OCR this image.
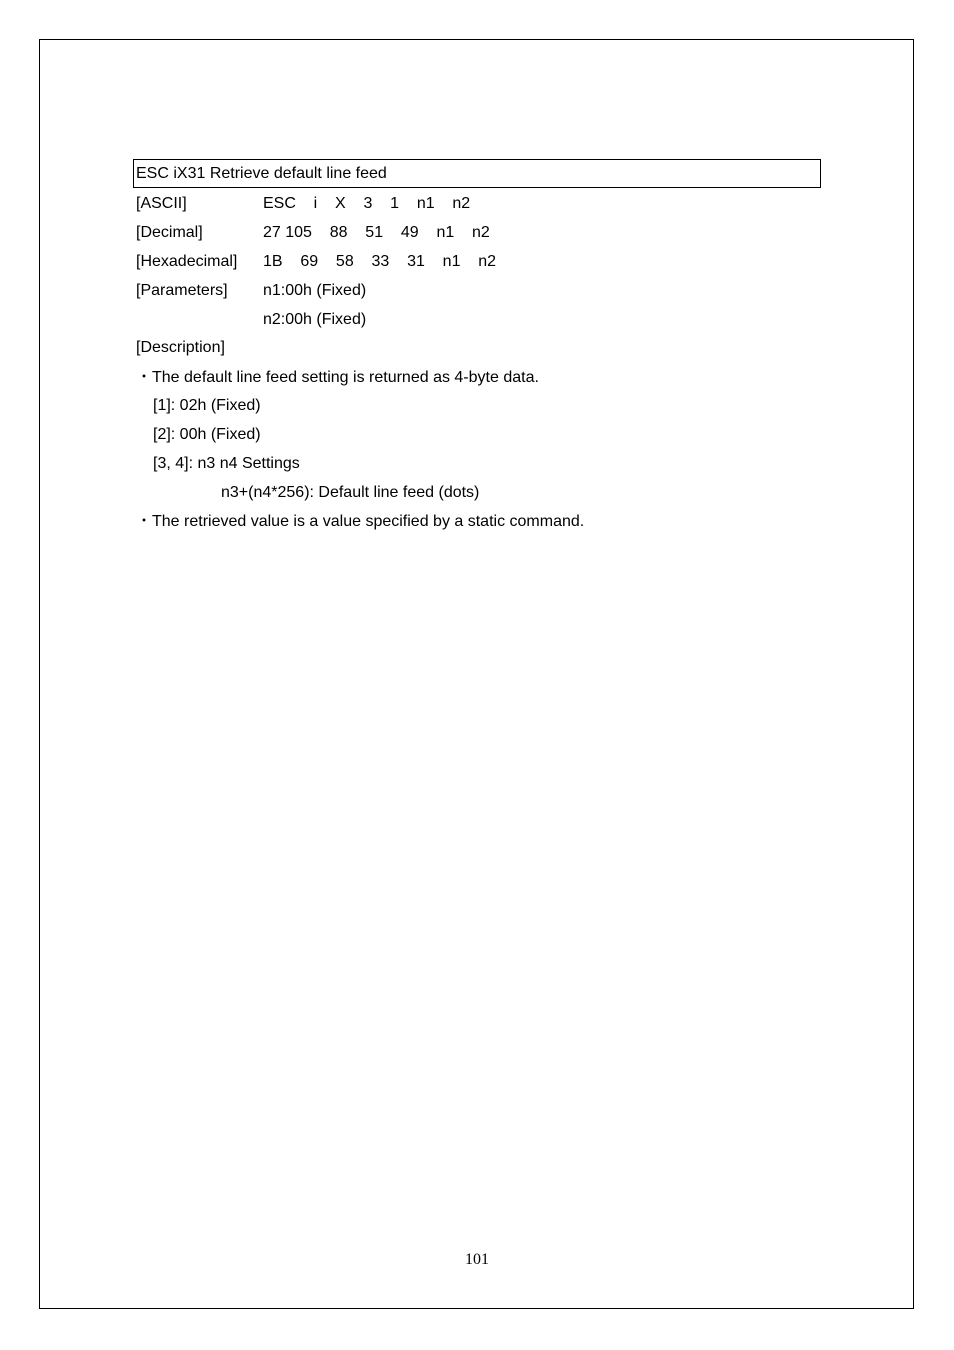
ESC iX31 Retrieve default line feed
[ASCII]	ESC    i    X    3    1    n1    n2
[Decimal]	27 105    88    51    49    n1    n2
[Hexadecimal] 1B    69    58    33    31    n1    n2
[Parameters] n1:00h (Fixed)
n2:00h (Fixed)
[Description]
・The default line feed setting is returned as 4-byte data.
[1]: 02h (Fixed)
[2]: 00h (Fixed)
[3, 4]: n3 n4 Settings
n3+(n4*256): Default line feed (dots)
・The retrieved value is a value specified by a static command.
101
